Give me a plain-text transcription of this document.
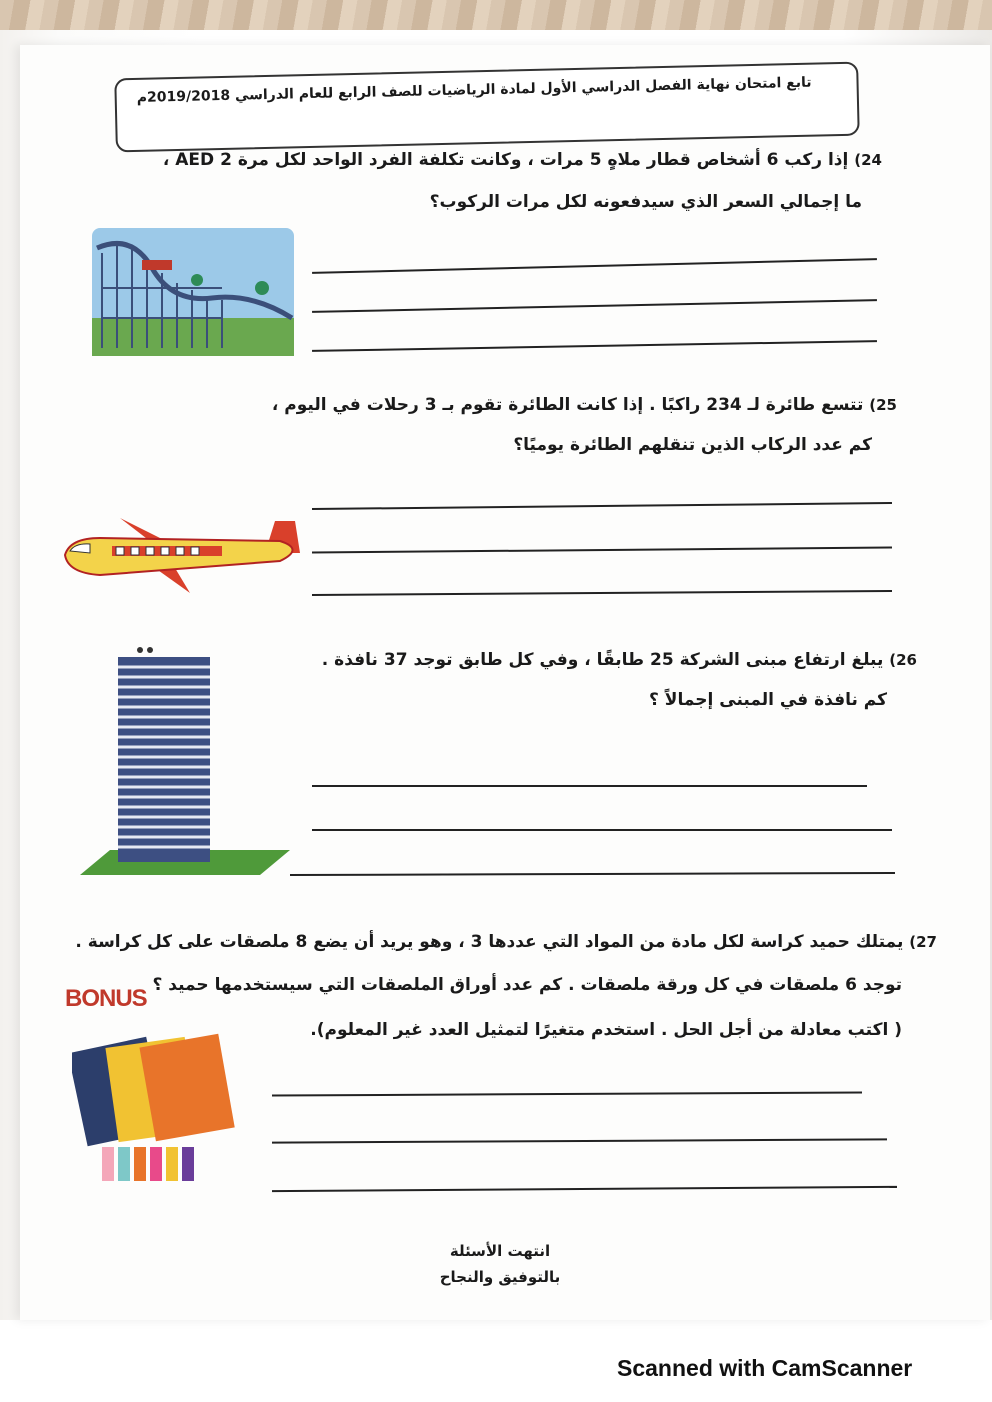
تابع امتحان نهاية الفصل الدراسي الأول لمادة الرياضيات للصف الرابع للعام الدراسي 2019/2018م
24) إذا ركب 6 أشخاص قطار ملاهٍ 5 مرات ، وكانت تكلفة الفرد الواحد لكل مرة AED 2 ،
ما إجمالي السعر الذي سيدفعونه لكل مرات الركوب؟
25) تتسع طائرة لـ 234 راكبًا . إذا كانت الطائرة تقوم بـ 3 رحلات في اليوم ،
كم عدد الركاب الذين تنقلهم الطائرة يوميًا؟
26) يبلغ ارتفاع مبنى الشركة 25 طابقًا ، وفي كل طابق توجد 37 نافذة .
كم نافذة في المبنى إجمالاً ؟
27) يمتلك حميد كراسة لكل مادة من المواد التي عددها 3 ، وهو يريد أن يضع 8 ملصقات على كل كراسة .
توجد 6 ملصقات في كل ورقة ملصقات . كم عدد أوراق الملصقات التي سيستخدمها حميد ؟
( اكتب معادلة من أجل الحل . استخدم متغيرًا لتمثيل العدد غير المعلوم).
BONUS
انتهت الأسئلة
بالتوفيق والنجاح
Scanned with CamScanner
